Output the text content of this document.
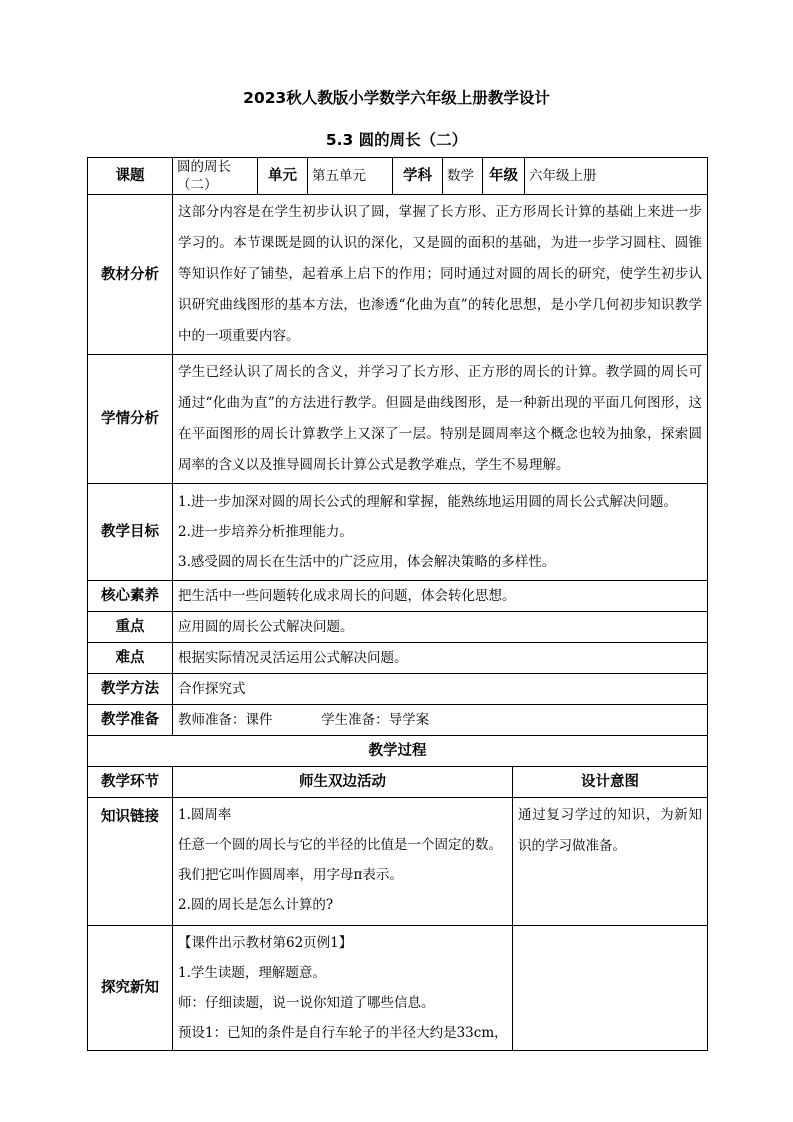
2023秋人教版小学数学六年级上册教学设计
5.3 圆的周长（二）
课题	圆的周长（二）	单元	第五单元	学科	数学	年级		六年级上册
教材分析	这部分内容是在学生初步认识了圆，掌握了长方形、正方形周长计算的基础上来进一步学习的。本节课既是圆的认识的深化，又是圆的面积的基础，为进一步学习圆柱、圆锥等知识作好了铺垫，起着承上启下的作用；同时通过对圆的周长的研究，使学生初步认识研究曲线图形的基本方法，也渗透“化曲为直”的转化思想，是小学几何初步知识教学中的一项重要内容。							

学情分析	学生已经认识了周长的含义，并学习了长方形、正方形的周长的计算。教学圆的周长可通过“化曲为直”的方法进行教学。但圆是曲线图形，是一种新出现的平面几何图形，这在平面图形的周长计算教学上又深了一层。特别是圆周率这个概念也较为抽象，探索圆周率的含义以及推导圆周长计算公式是教学难点，学生不易理解。							

教学目标	1.进一步加深对圆的周长公式的理解和掌握，能熟练地运用圆的周长公式解决问题。
2.进一步培养分析推理能力。
3.感受圆的周长在生活中的广泛应用，体会解决策略的多样性。							

核心素养	把生活中一些问题转化成求周长的问题，体会转化思想。							
重点	应用圆的周长公式解决问题。							
难点	根据实际情况灵活运用公式解决问题。							
教学方法	合作探究式							
教学准备	教师准备：课件 学生准备：导学案							
教学过程								
教学环节	师生双边活动						设计意图	
知识链接	1.圆周率
任意一个圆的周长与它的半径的比值是一个固定的数。
我们把它叫作圆周率，用字母π表示。
2.圆的周长是怎么计算的?						通过复习学过的知识，为新知识的学习做准备。	

探究新知	【课件出示教材第62页例1】
1.学生读题，理解题意。
师：仔细读题，说一说你知道了哪些信息。
预设1：已知的条件是自行车轮子的半径大约是33cm，							
